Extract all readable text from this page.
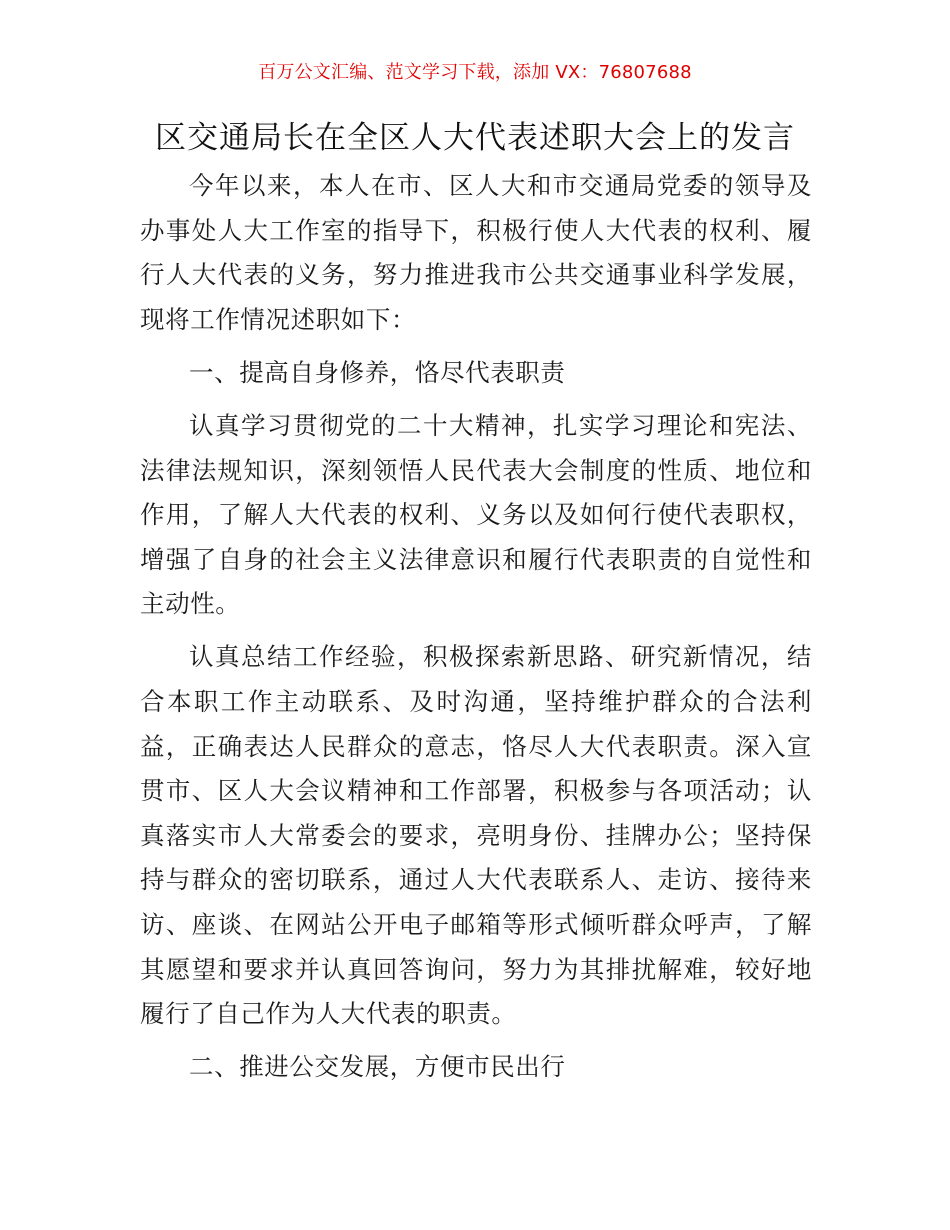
百万公文汇编、范文学习下载，添加 VX：76807688
区交通局长在全区人大代表述职大会上的发言

今年以来，本人在市、区人大和市交通局党委的领导及办事处人大工作室的指导下，积极行使人大代表的权利、履行人大代表的义务，努力推进我市公共交通事业科学发展，现将工作情况述职如下：

一、提高自身修养，恪尽代表职责

认真学习贯彻党的二十大精神，扎实学习理论和宪法、法律法规知识，深刻领悟人民代表大会制度的性质、地位和作用，了解人大代表的权利、义务以及如何行使代表职权，增强了自身的社会主义法律意识和履行代表职责的自觉性和主动性。

认真总结工作经验，积极探索新思路、研究新情况，结合本职工作主动联系、及时沟通，坚持维护群众的合法利益，正确表达人民群众的意志，恪尽人大代表职责。深入宣贯市、区人大会议精神和工作部署，积极参与各项活动；认真落实市人大常委会的要求，亮明身份、挂牌办公；坚持保持与群众的密切联系，通过人大代表联系人、走访、接待来访、座谈、在网站公开电子邮箱等形式倾听群众呼声，了解其愿望和要求并认真回答询问，努力为其排扰解难，较好地履行了自己作为人大代表的职责。

二、推进公交发展，方便市民出行
